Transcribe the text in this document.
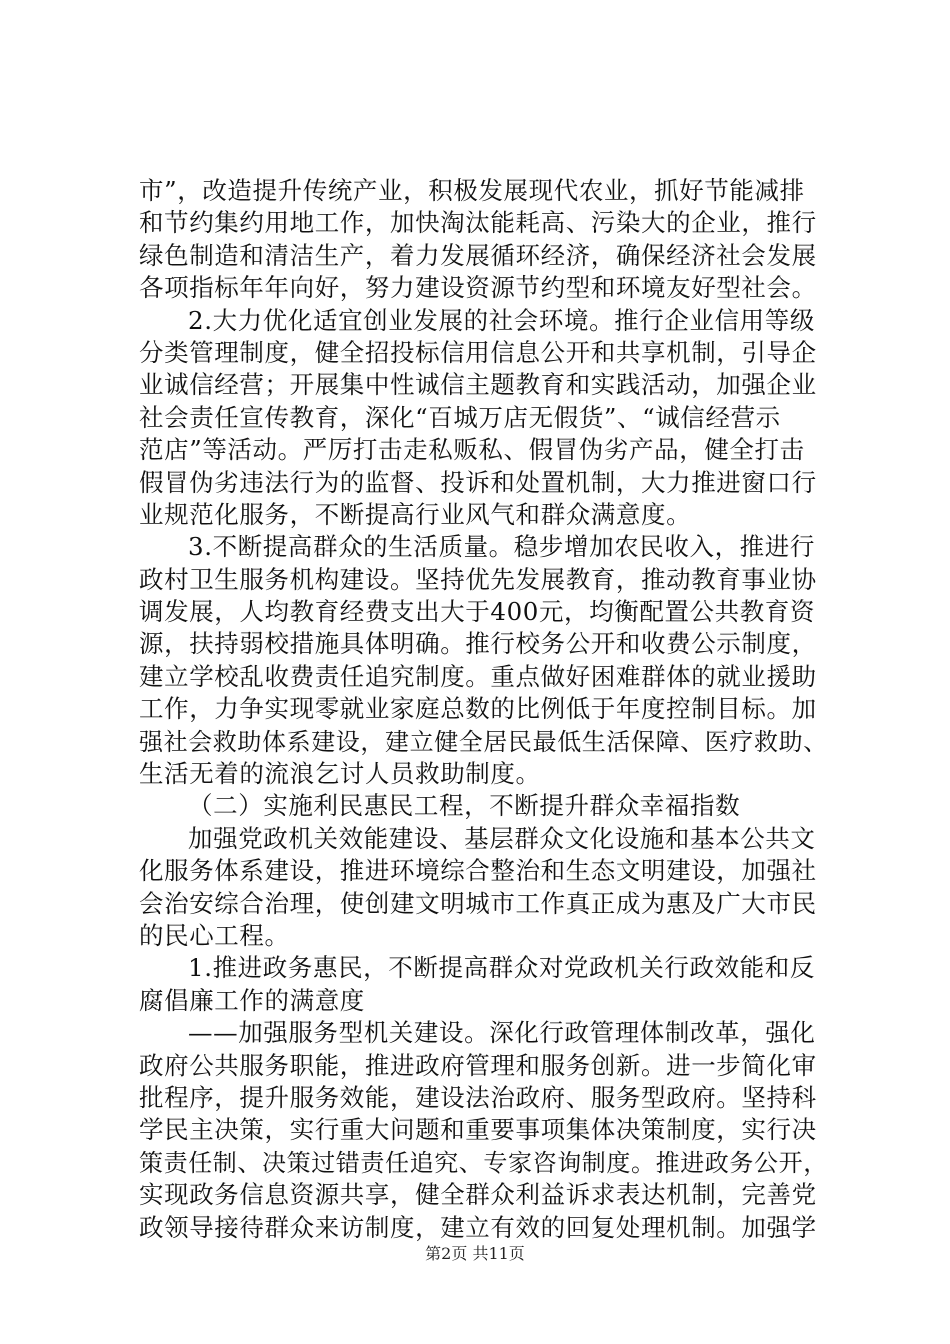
市”，改造提升传统产业，积极发展现代农业，抓好节能减排
和节约集约用地工作，加快淘汰能耗高、污染大的企业，推行
绿色制造和清洁生产，着力发展循环经济，确保经济社会发展
各项指标年年向好，努力建设资源节约型和环境友好型社会。
2.大力优化适宜创业发展的社会环境。推行企业信用等级
分类管理制度，健全招投标信用信息公开和共享机制，引导企
业诚信经营；开展集中性诚信主题教育和实践活动，加强企业
社会责任宣传教育，深化“百城万店无假货”、“诚信经营示
范店”等活动。严厉打击走私贩私、假冒伪劣产品，健全打击
假冒伪劣违法行为的监督、投诉和处置机制，大力推进窗口行
业规范化服务，不断提高行业风气和群众满意度。
3.不断提高群众的生活质量。稳步增加农民收入，推进行
政村卫生服务机构建设。坚持优先发展教育，推动教育事业协
调发展，人均教育经费支出大于400元，均衡配置公共教育资
源，扶持弱校措施具体明确。推行校务公开和收费公示制度，
建立学校乱收费责任追究制度。重点做好困难群体的就业援助
工作，力争实现零就业家庭总数的比例低于年度控制目标。加
强社会救助体系建设，建立健全居民最低生活保障、医疗救助、
生活无着的流浪乞讨人员救助制度。
（二）实施利民惠民工程，不断提升群众幸福指数
加强党政机关效能建设、基层群众文化设施和基本公共文
化服务体系建设，推进环境综合整治和生态文明建设，加强社
会治安综合治理，使创建文明城市工作真正成为惠及广大市民
的民心工程。
1.推进政务惠民，不断提高群众对党政机关行政效能和反
腐倡廉工作的满意度
——加强服务型机关建设。深化行政管理体制改革，强化
政府公共服务职能，推进政府管理和服务创新。进一步简化审
批程序，提升服务效能，建设法治政府、服务型政府。坚持科
学民主决策，实行重大问题和重要事项集体决策制度，实行决
策责任制、决策过错责任追究、专家咨询制度。推进政务公开，
实现政务信息资源共享，健全群众利益诉求表达机制，完善党
政领导接待群众来访制度，建立有效的回复处理机制。加强学
第2页 共11页
